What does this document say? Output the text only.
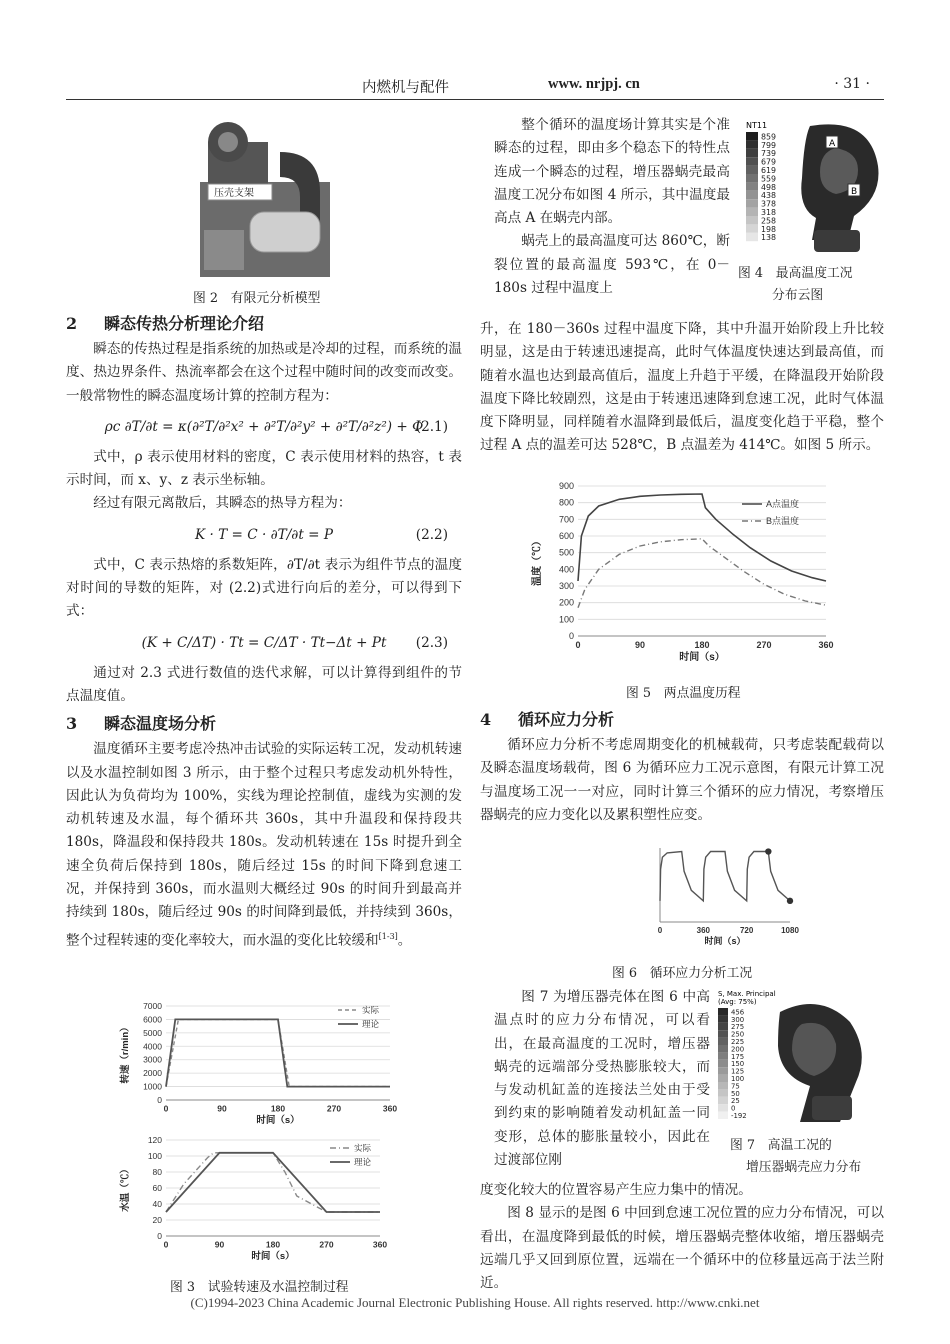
内燃机与配件	www. nrjpj. cn	· 31 ·
压壳支架
图 2　有限元分析模型
2 瞬态传热分析理论介绍

瞬态的传热过程是指系统的加热或是冷却的过程，而系统的温度、热边界条件、热流率都会在这个过程中随时间的改变而改变。一般常物性的瞬态温度场计算的控制方程为：

ρc ∂T/∂t = κ(∂²T/∂²x² + ∂²T/∂²y² + ∂²T/∂²z²) + Φ
(2.1)

式中，ρ 表示使用材料的密度，C 表示使用材料的热容，t 表示时间，而 x、y、z 表示坐标轴。

经过有限元离散后，其瞬态的热导方程为：

K · T = C · ∂T/∂t = P	(2.2)

式中，C 表示热熔的系数矩阵，∂T/∂t 表示为组件节点的温度对时间的导数的矩阵，对 (2.2)式进行向后的差分，可以得到下式：

(K + C/ΔT) · Tt = C/ΔT · Tt−Δt + Pt (2.3)

通过对 2.3 式进行数值的迭代求解，可以计算得到组件的节点温度值。

3 瞬态温度场分析

温度循环主要考虑冷热冲击试验的实际运转工况，发动机转速以及水温控制如图 3 所示，由于整个过程只考虑发动机外特性，因此认为负荷均为 100%，实线为理论控制值，虚线为实测的发动机转速及水温，每个循环共 360s，其中升温段和保持段共 180s，降温段和保持段共 180s。发动机转速在 15s 时提升到全速全负荷后保持到 180s，随后经过 15s 的时间下降到怠速工况，并保持到 360s，而水温则大概经过 90s 的时间升到最高并持续到 180s，随后经过 90s 的时间降到最低，并持续到 360s，整个过程转速的变化率较大，而水温的变化比较缓和[1-3]。

0
1000
2000
3000
4000
5000
6000
7000
0	90	180	270	360
时间（s）
转速（r/min）
实际
理论
0
20
40
60
80
100
120
0	90	180	270	360
时间（s）
水温（℃）
实际
理论
图 3　试验转速及水温控制过程

整个循环的温度场计算其实是个准瞬态的过程，即由多个稳态下的特性点连成一个瞬态的过程，增压器蜗壳最高温度工况分布如图 4 所示，其中温度最高点 A 在蜗壳内部。

蜗壳上的最高温度可达 860℃，断裂位置的最高温度 593℃，在 0－180s 过程中温度上

NT11
859
799
739
679
619
559
498
438
378
318
258
198
138
A
B
图 4　最高温度工况
分布云图

升，在 180－360s 过程中温度下降，其中升温开始阶段上升比较明显，这是由于转速迅速提高，此时气体温度快速达到最高值，而随着水温也达到最高值后，温度上升趋于平缓，在降温段开始阶段温度下降比较剧烈，这是由于转速迅速降到怠速工况，此时气体温度下降明显，同样随着水温降到最低后，温度变化趋于平稳，整个过程 A 点的温差可达 528℃，B 点温差为 414℃。如图 5 所示。

0
100
200
300
400
500
600
700
800
900
0	90	180	270	360
时间（s）
温度（℃）
A点温度
B点温度
图 5　两点温度历程
4 循环应力分析

循环应力分析不考虑周期变化的机械载荷，只考虑装配载荷以及瞬态温度场载荷，图 6 为循环应力工况示意图，有限元计算工况与温度场工况一一对应，同时计算三个循环的应力情况，考察增压器蜗壳的应力变化以及累积塑性应变。

0	360	720	1080
时间（s）
图 6　循环应力分析工况

图 7 为增压器壳体在图 6 中高温点时的应力分布情况，可以看出，在最高温度的工况时，增压器蜗壳的远端部分受热膨胀较大，而与发动机缸盖的连接法兰处由于受到约束的影响随着发动机缸盖一同变形，总体的膨胀量较小，因此在过渡部位刚

S, Max. Principal
(Avg: 75%)
456
300
275
250
225
200
175
150
125
100
75
50
25
0
-192
图 7　高温工况的
增压器蜗壳应力分布

度变化较大的位置容易产生应力集中的情况。

图 8 显示的是图 6 中回到怠速工况位置的应力分布情况，可以看出，在温度降到最低的时候，增压器蜗壳整体收缩，增压器蜗壳远端几乎又回到原位置，远端在一个循环中的位移量远高于法兰附近。

(C)1994-2023 China Academic Journal Electronic Publishing House. All rights reserved. http://www.cnki.net
